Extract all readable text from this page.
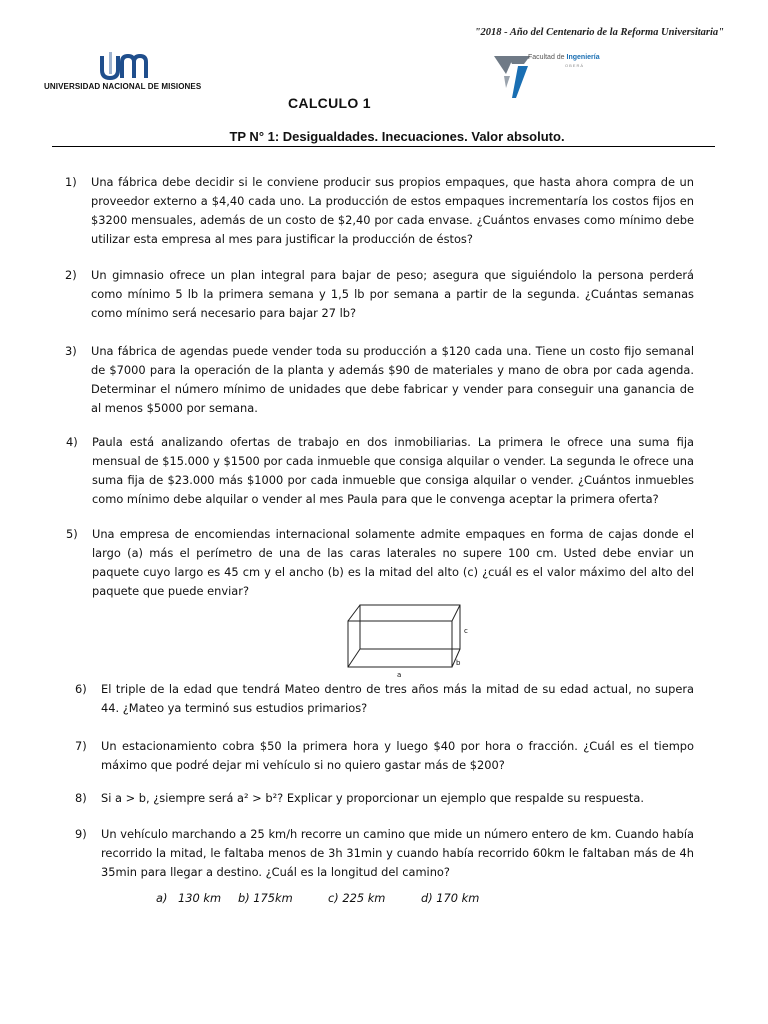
"2018 - Año del Centenario de la Reforma Universitaria"
UNIVERSIDAD NACIONAL DE MISIONES
Facultad de Ingeniería
OBERÁ
CALCULO 1
TP N° 1: Desigualdades. Inecuaciones. Valor absoluto.
1) Una fábrica debe decidir si le conviene producir sus propios empaques, que hasta ahora compra de un proveedor externo a $4,40 cada uno. La producción de estos empaques incrementaría los costos fijos en $3200 mensuales, además de un costo de $2,40 por cada envase. ¿Cuántos envases como mínimo debe utilizar esta empresa al mes para justificar la producción de éstos?
2) Un gimnasio ofrece un plan integral para bajar de peso; asegura que siguiéndolo la persona perderá como mínimo 5 lb la primera semana y 1,5 lb por semana a partir de la segunda. ¿Cuántas semanas como mínimo será necesario para bajar 27 lb?
3) Una fábrica de agendas puede vender toda su producción a $120 cada una. Tiene un costo fijo semanal de $7000 para la operación de la planta y además $90 de materiales y mano de obra por cada agenda. Determinar el número mínimo de unidades que debe fabricar y vender para conseguir una ganancia de al menos $5000 por semana.
4) Paula está analizando ofertas de trabajo en dos inmobiliarias. La primera le ofrece una suma fija mensual de $15.000 y $1500 por cada inmueble que consiga alquilar o vender. La segunda le ofrece una suma fija de $23.000 más $1000 por cada inmueble que consiga alquilar o vender. ¿Cuántos inmuebles como mínimo debe alquilar o vender al mes Paula para que le convenga aceptar la primera oferta?
5) Una empresa de encomiendas internacional solamente admite empaques en forma de cajas donde el largo (a) más el perímetro de una de las caras laterales no supere 100 cm. Usted debe enviar un paquete cuyo largo es 45 cm y el ancho (b) es la mitad del alto (c) ¿cuál es el valor máximo del alto del paquete que puede enviar?
c
b
a
6) El triple de la edad que tendrá Mateo dentro de tres años más la mitad de su edad actual, no supera 44. ¿Mateo ya terminó sus estudios primarios?
7) Un estacionamiento cobra $50 la primera hora y luego $40 por hora o fracción. ¿Cuál es el tiempo máximo que podré dejar mi vehículo si no quiero gastar más de $200?
8) Si a > b, ¿siempre será a² > b²? Explicar y proporcionar un ejemplo que respalde su respuesta.
9) Un vehículo marchando a 25 km/h recorre un camino que mide un número entero de km. Cuando había recorrido la mitad, le faltaba menos de 3h 31min y cuando había recorrido 60km le faltaban más de 4h 35min para llegar a destino. ¿Cuál es la longitud del camino?
a) 130 km b) 175km	c) 225 km	d) 170 km
